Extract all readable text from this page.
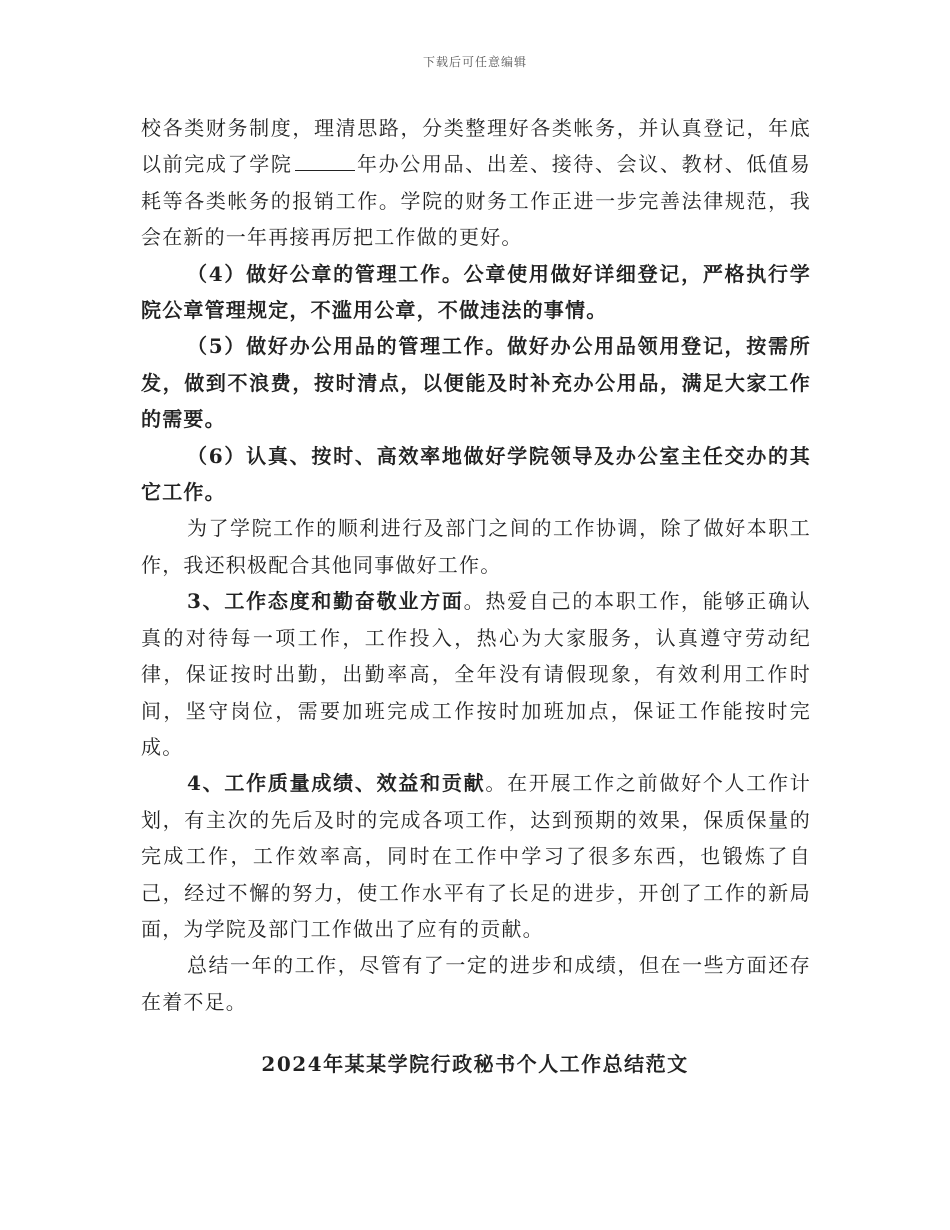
下载后可任意编辑

校各类财务制度，理清思路，分类整理好各类帐务，并认真登记，年底以前完成了学院	年办公用品、出差、接待、会议、教材、低值易耗等各类帐务的报销工作。学院的财务工作正进一步完善法律规范，我会在新的一年再接再厉把工作做的更好。

（4）做好公章的管理工作。公章使用做好详细登记，严格执行学院公章管理规定，不滥用公章，不做违法的事情。

（5）做好办公用品的管理工作。做好办公用品领用登记，按需所发，做到不浪费，按时清点，以便能及时补充办公用品，满足大家工作的需要。

（6）认真、按时、高效率地做好学院领导及办公室主任交办的其它工作。

为了学院工作的顺利进行及部门之间的工作协调，除了做好本职工作，我还积极配合其他同事做好工作。

3、工作态度和勤奋敬业方面。热爱自己的本职工作，能够正确认真的对待每一项工作，工作投入，热心为大家服务，认真遵守劳动纪律，保证按时出勤，出勤率高，全年没有请假现象，有效利用工作时间，坚守岗位，需要加班完成工作按时加班加点，保证工作能按时完成。

4、工作质量成绩、效益和贡献。在开展工作之前做好个人工作计划，有主次的先后及时的完成各项工作，达到预期的效果，保质保量的完成工作，工作效率高，同时在工作中学习了很多东西，也锻炼了自己，经过不懈的努力，使工作水平有了长足的进步，开创了工作的新局面，为学院及部门工作做出了应有的贡献。

总结一年的工作，尽管有了一定的进步和成绩，但在一些方面还存在着不足。

2024年某某学院行政秘书个人工作总结范文
